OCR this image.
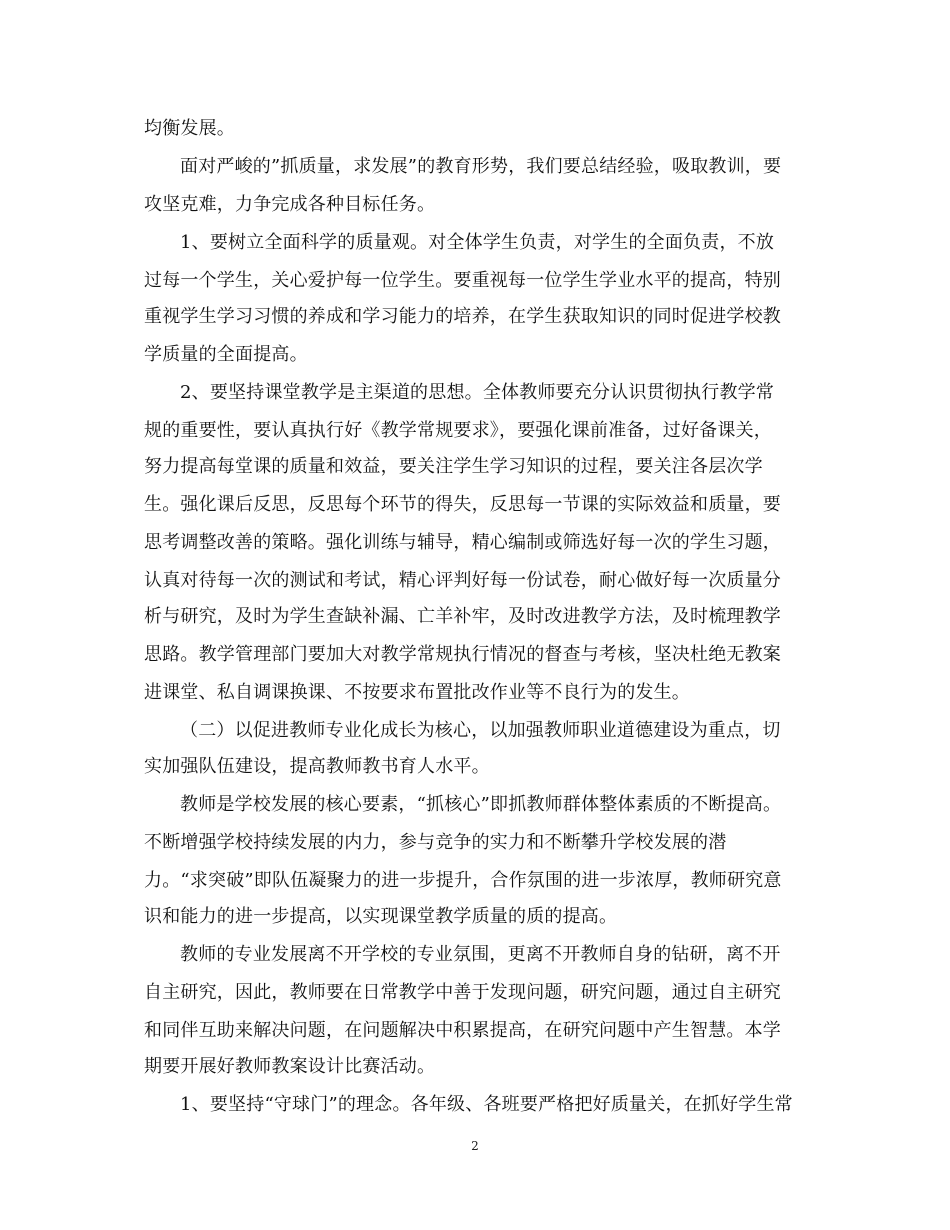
均衡发展。
面对严峻的”抓质量，求发展”的教育形势，我们要总结经验，吸取教训，要
攻坚克难，力争完成各种目标任务。
1、要树立全面科学的质量观。对全体学生负责，对学生的全面负责，不放
过每一个学生，关心爱护每一位学生。要重视每一位学生学业水平的提高，特别
重视学生学习习惯的养成和学习能力的培养，在学生获取知识的同时促进学校教
学质量的全面提高。
2、要坚持课堂教学是主渠道的思想。全体教师要充分认识贯彻执行教学常
规的重要性，要认真执行好《教学常规要求》，要强化课前准备，过好备课关，
努力提高每堂课的质量和效益，要关注学生学习知识的过程，要关注各层次学
生。强化课后反思，反思每个环节的得失，反思每一节课的实际效益和质量，要
思考调整改善的策略。强化训练与辅导，精心编制或筛选好每一次的学生习题，
认真对待每一次的测试和考试，精心评判好每一份试卷，耐心做好每一次质量分
析与研究，及时为学生查缺补漏、亡羊补牢，及时改进教学方法，及时梳理教学
思路。教学管理部门要加大对教学常规执行情况的督查与考核，坚决杜绝无教案
进课堂、私自调课换课、不按要求布置批改作业等不良行为的发生。
（二）以促进教师专业化成长为核心，以加强教师职业道德建设为重点，切
实加强队伍建设，提高教师教书育人水平。
教师是学校发展的核心要素，“抓核心”即抓教师群体整体素质的不断提高。
不断增强学校持续发展的内力，参与竞争的实力和不断攀升学校发展的潜
力。“求突破”即队伍凝聚力的进一步提升，合作氛围的进一步浓厚，教师研究意
识和能力的进一步提高，以实现课堂教学质量的质的提高。
教师的专业发展离不开学校的专业氛围，更离不开教师自身的钻研，离不开
自主研究，因此，教师要在日常教学中善于发现问题，研究问题，通过自主研究
和同伴互助来解决问题，在问题解决中积累提高，在研究问题中产生智慧。本学
期要开展好教师教案设计比赛活动。
1、要坚持“守球门”的理念。各年级、各班要严格把好质量关，在抓好学生常
2
